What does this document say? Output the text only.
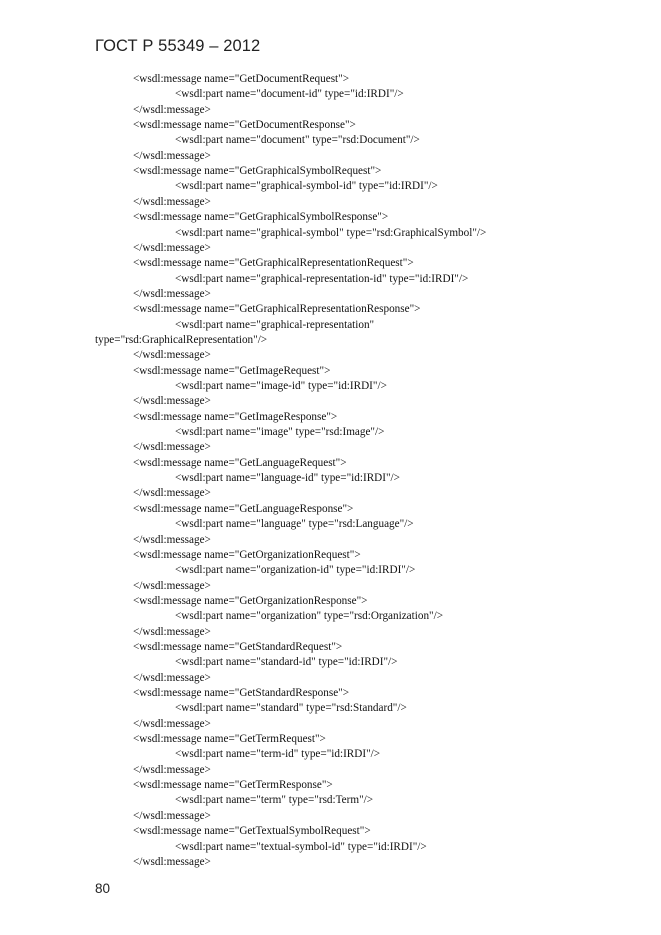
ГОСТ Р 55349 – 2012
<wsdl:message name="GetDocumentRequest">
<wsdl:part name="document-id" type="id:IRDI"/>
</wsdl:message>
<wsdl:message name="GetDocumentResponse">
<wsdl:part name="document" type="rsd:Document"/>
</wsdl:message>
<wsdl:message name="GetGraphicalSymbolRequest">
<wsdl:part name="graphical-symbol-id" type="id:IRDI"/>
</wsdl:message>
<wsdl:message name="GetGraphicalSymbolResponse">
<wsdl:part name="graphical-symbol" type="rsd:GraphicalSymbol"/>
</wsdl:message>
<wsdl:message name="GetGraphicalRepresentationRequest">
<wsdl:part name="graphical-representation-id" type="id:IRDI"/>
</wsdl:message>
<wsdl:message name="GetGraphicalRepresentationResponse">
<wsdl:part name="graphical-representation"
type="rsd:GraphicalRepresentation"/>
</wsdl:message>
<wsdl:message name="GetImageRequest">
<wsdl:part name="image-id" type="id:IRDI"/>
</wsdl:message>
<wsdl:message name="GetImageResponse">
<wsdl:part name="image" type="rsd:Image"/>
</wsdl:message>
<wsdl:message name="GetLanguageRequest">
<wsdl:part name="language-id" type="id:IRDI"/>
</wsdl:message>
<wsdl:message name="GetLanguageResponse">
<wsdl:part name="language" type="rsd:Language"/>
</wsdl:message>
<wsdl:message name="GetOrganizationRequest">
<wsdl:part name="organization-id" type="id:IRDI"/>
</wsdl:message>
<wsdl:message name="GetOrganizationResponse">
<wsdl:part name="organization" type="rsd:Organization"/>
</wsdl:message>
<wsdl:message name="GetStandardRequest">
<wsdl:part name="standard-id" type="id:IRDI"/>
</wsdl:message>
<wsdl:message name="GetStandardResponse">
<wsdl:part name="standard" type="rsd:Standard"/>
</wsdl:message>
<wsdl:message name="GetTermRequest">
<wsdl:part name="term-id" type="id:IRDI"/>
</wsdl:message>
<wsdl:message name="GetTermResponse">
<wsdl:part name="term" type="rsd:Term"/>
</wsdl:message>
<wsdl:message name="GetTextualSymbolRequest">
<wsdl:part name="textual-symbol-id" type="id:IRDI"/>
</wsdl:message>
80
